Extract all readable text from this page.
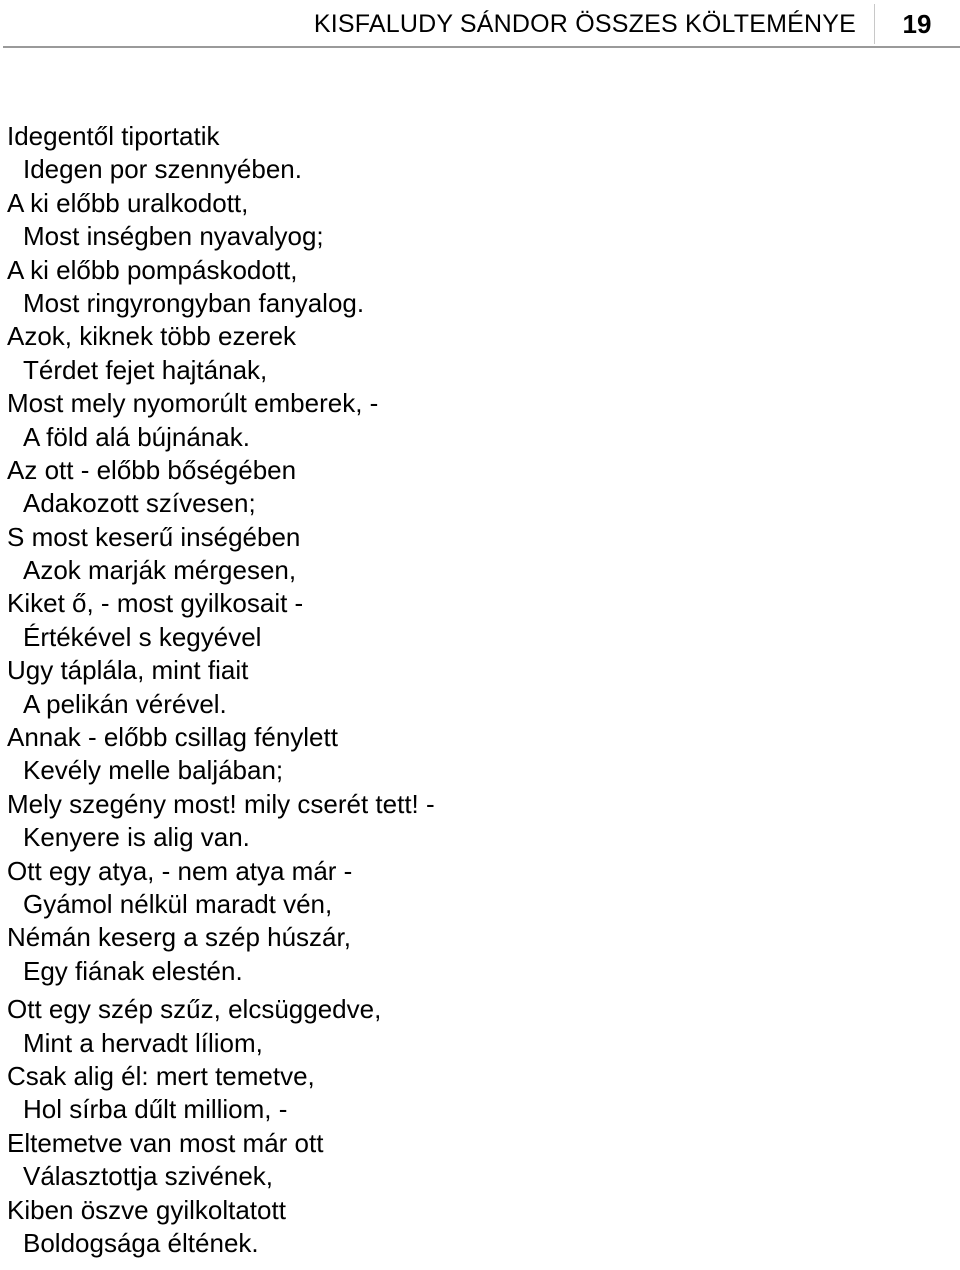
KISFALUDY SÁNDOR ÖSSZES KÖLTEMÉNYE	19
Idegentől tiportatik
Idegen por szennyében.
A ki előbb uralkodott,
Most inségben nyavalyog;
A ki előbb pompáskodott,
Most ringyrongyban fanyalog.
Azok, kiknek több ezerek
Térdet fejet hajtának,
Most mely nyomorúlt emberek, -
A föld alá bújnának.
Az ott - előbb bőségében
Adakozott szívesen;
S most keserű inségében
Azok marják mérgesen,
Kiket ő, - most gyilkosait -
Értékével s kegyével
Ugy táplála, mint fiait
A pelikán vérével.
Annak - előbb csillag fénylett
Kevély melle baljában;
Mely szegény most! mily cserét tett! -
Kenyere is alig van.
Ott egy atya, - nem atya már -
Gyámol nélkül maradt vén,
Némán keserg a szép húszár,
Egy fiának elestén.
Ott egy szép szűz, elcsüggedve,
Mint a hervadt líliom,
Csak alig él: mert temetve,
Hol sírba dűlt milliom, -
Eltemetve van most már ott
Választottja szivének,
Kiben öszve gyilkoltatott
Boldogsága éltének.
